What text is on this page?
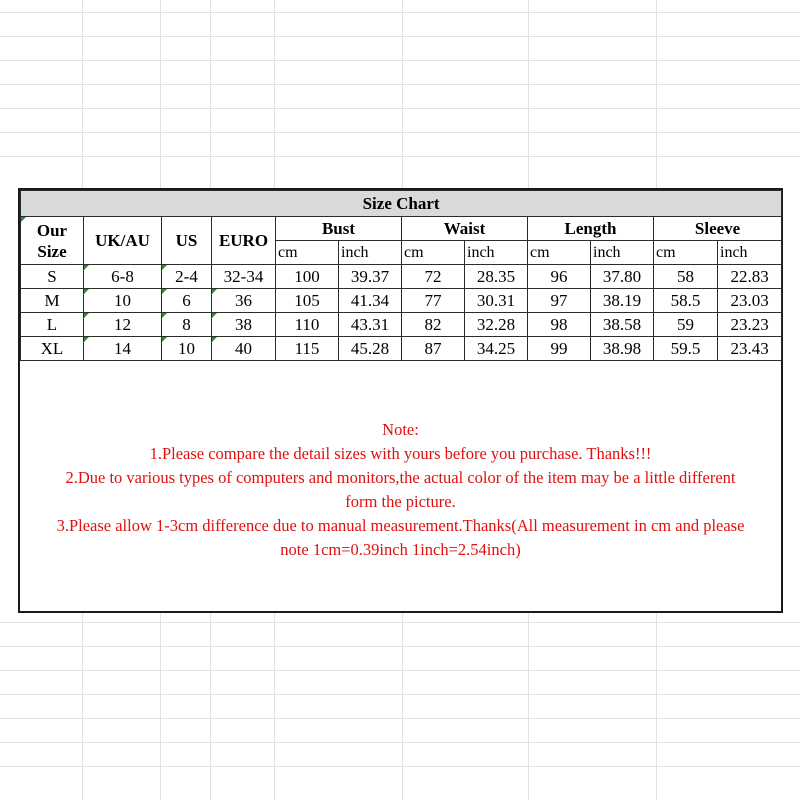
Size Chart											

Our
Size	UK/AU	US	EURO	Bust		Waist		Length		Sleeve	
				cm	inch	cm	inch	cm	inch	cm	inch
S	6-8	2-4	32-34	100	39.37	72	28.35	96	37.80	58	22.83
M	10	6	36	105	41.34	77	30.31	97	38.19	58.5	23.03
L	12	8	38	110	43.31	82	32.28	98	38.58	59	23.23
XL	14	10	40	115	45.28	87	34.25	99	38.98	59.5	23.43
Note:
1.Please compare the detail sizes with yours before you purchase. Thanks!!!
2.Due to various types of computers and monitors,the actual color of the item may be a little different
form the picture.
3.Please allow 1-3cm difference due to manual measurement.Thanks(All measurement in cm and please
note 1cm=0.39inch 1inch=2.54inch)
